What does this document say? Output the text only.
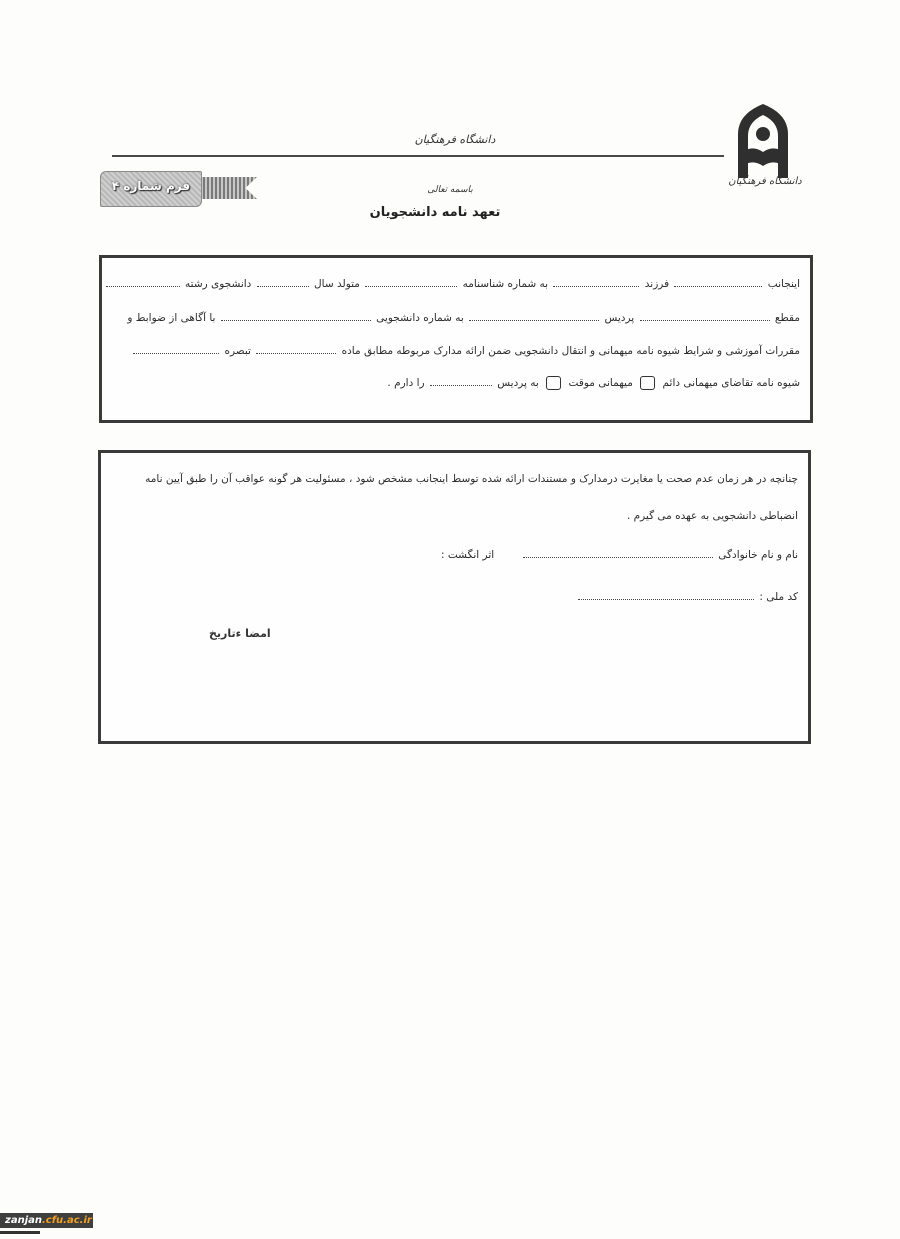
دانشگاه فرهنگیان
دانشگاه فرهنگیان
باسمه تعالی
تعهد نامه دانشجویان
فرم شماره ۴
اینجانب  فرزند  به شماره شناسنامه  متولد سال  دانشجوی رشته
مقطع  پردیس  به شماره دانشجویی  با آگاهی از ضوابط و
مقررات آموزشی و شرایط شیوه نامه میهمانی و انتقال دانشجویی ضمن ارائه مدارک مربوطه مطابق ماده  تبصره
شیوه نامه تقاضای میهمانی دائم  میهمانی موقت  به پردیس  را دارم .
چنانچه در هر زمان عدم صحت یا مغایرت درمدارک و مستندات ارائه شده توسط اینجانب مشخص شود ، مسئولیت هر گونه عواقب آن را طبق آیین نامه
انضباطی دانشجویی به عهده می گیرم .
نام و نام خانوادگی
اثر انگشت :
کد ملی :
امضا ءتاریخ
zanjan.cfu.ac.ir
